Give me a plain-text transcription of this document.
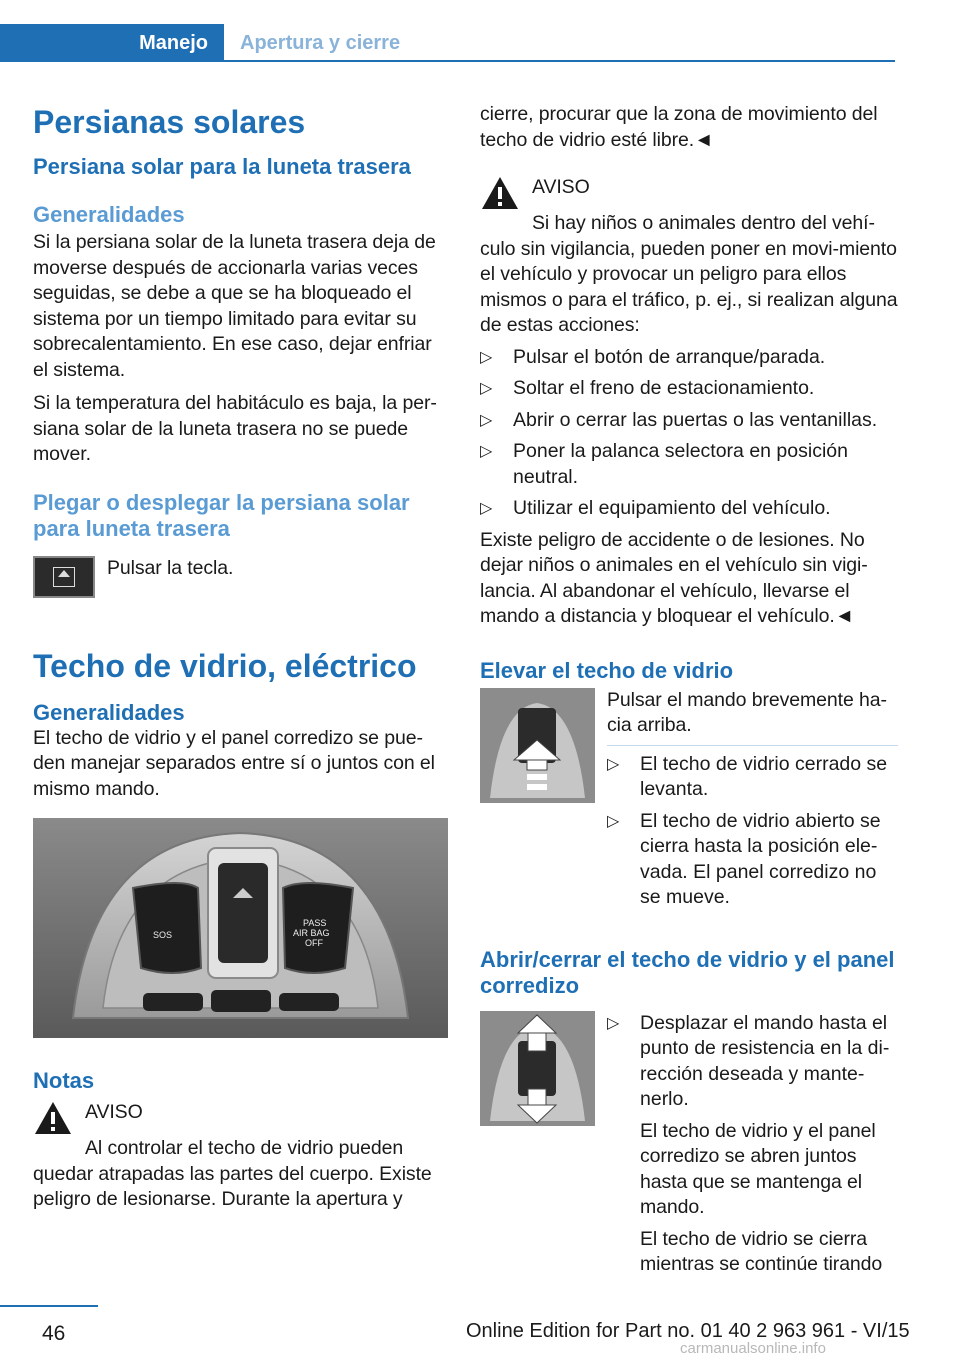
Manejo Apertura y cierre
Persianas solares
Persiana solar para la luneta trasera
Generalidades

Si la persiana solar de la luneta trasera deja de moverse después de accionarla varias veces seguidas, se debe a que se ha bloqueado el sistema por un tiempo limitado para evitar su sobrecalentamiento. En ese caso, dejar enfriar el sistema.

Si la temperatura del habitáculo es baja, la per‐siana solar de la luneta trasera no se puede mover.

Plegar o desplegar la persiana solar para luneta trasera

Pulsar la tecla.

Techo de vidrio, eléctrico
Generalidades

El techo de vidrio y el panel corredizo se pue‐den manejar separados entre sí o juntos con el mismo mando.

SOS
PASS
AIR BAG
OFF
Notas

AVISO

Al controlar el techo de vidrio pueden quedar atrapadas las partes del cuerpo. Existe peligro de lesionarse. Durante la apertura y

cierre, procurar que la zona de movimiento del techo de vidrio esté libre.◄

AVISO

Si hay niños o animales dentro del vehí‐culo sin vigilancia, pueden poner en movi‐miento el vehículo y provocar un peligro para ellos mismos o para el tráfico, p. ej., si realizan alguna de estas acciones:

▷ Pulsar el botón de arranque/parada.
▷ Soltar el freno de estacionamiento.
▷ Abrir o cerrar las puertas o las ventanillas.
▷ Poner la palanca selectora en posición neutral.
▷ Utilizar el equipamiento del vehículo.

Existe peligro de accidente o de lesiones. No dejar niños o animales en el vehículo sin vigi‐lancia. Al abandonar el vehículo, llevarse el mando a distancia y bloquear el vehículo.◄

Elevar el techo de vidrio

Pulsar el mando brevemente ha‐cia arriba.

▷ El techo de vidrio cerrado se levanta.
▷ El techo de vidrio abierto se cierra hasta la posición ele‐vada. El panel corredizo no se mueve.
Abrir/cerrar el techo de vidrio y el panel corredizo
▷ Desplazar el mando hasta el punto de resistencia en la di‐rección deseada y mante‐nerlo.

El techo de vidrio y el panel corredizo se abren juntos hasta que se mantenga el mando.

El techo de vidrio se cierra mientras se continúe tirando

46	Online Edition for Part no. 01 40 2 963 961 - VI/15
carmanualsonline.info
